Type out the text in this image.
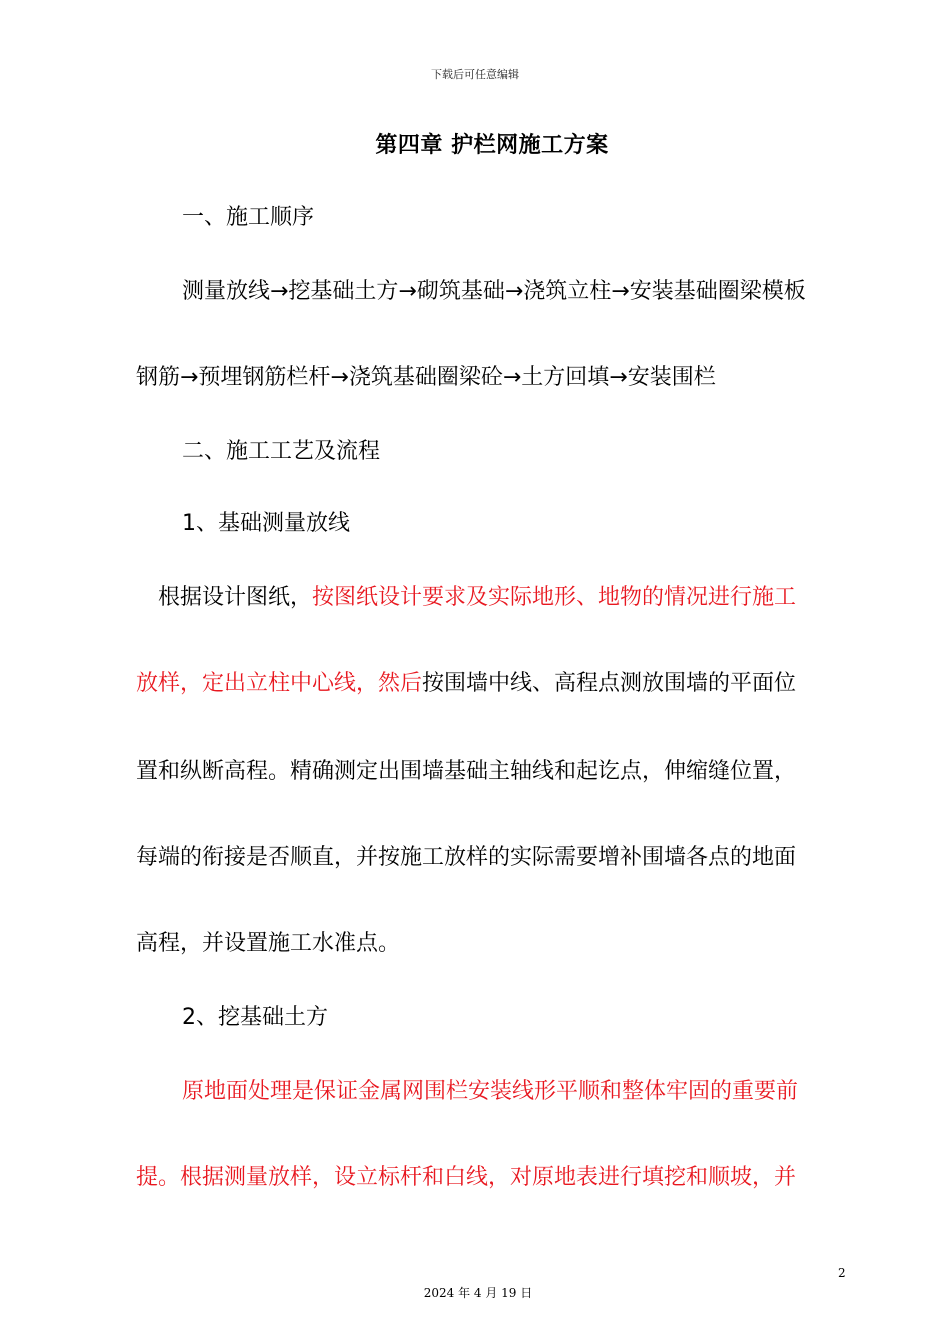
下载后可任意编辑
第四章 护栏网施工方案
一、施工顺序
测量放线→挖基础土方→砌筑基础→浇筑立柱→安装基础圈梁模板
钢筋→预埋钢筋栏杆→浇筑基础圈梁砼→土方回填→安装围栏
二、施工工艺及流程
1、基础测量放线
根据设计图纸，按图纸设计要求及实际地形、地物的情况进行施工
放样，定出立柱中心线，然后按围墙中线、高程点测放围墙的平面位
置和纵断高程。精确测定出围墙基础主轴线和起讫点，伸缩缝位置，
每端的衔接是否顺直，并按施工放样的实际需要增补围墙各点的地面
高程，并设置施工水准点。
2、挖基础土方
原地面处理是保证金属网围栏安装线形平顺和整体牢固的重要前
提。根据测量放样，设立标杆和白线，对原地表进行填挖和顺坡，并
2
2024 年 4 月 19 日
